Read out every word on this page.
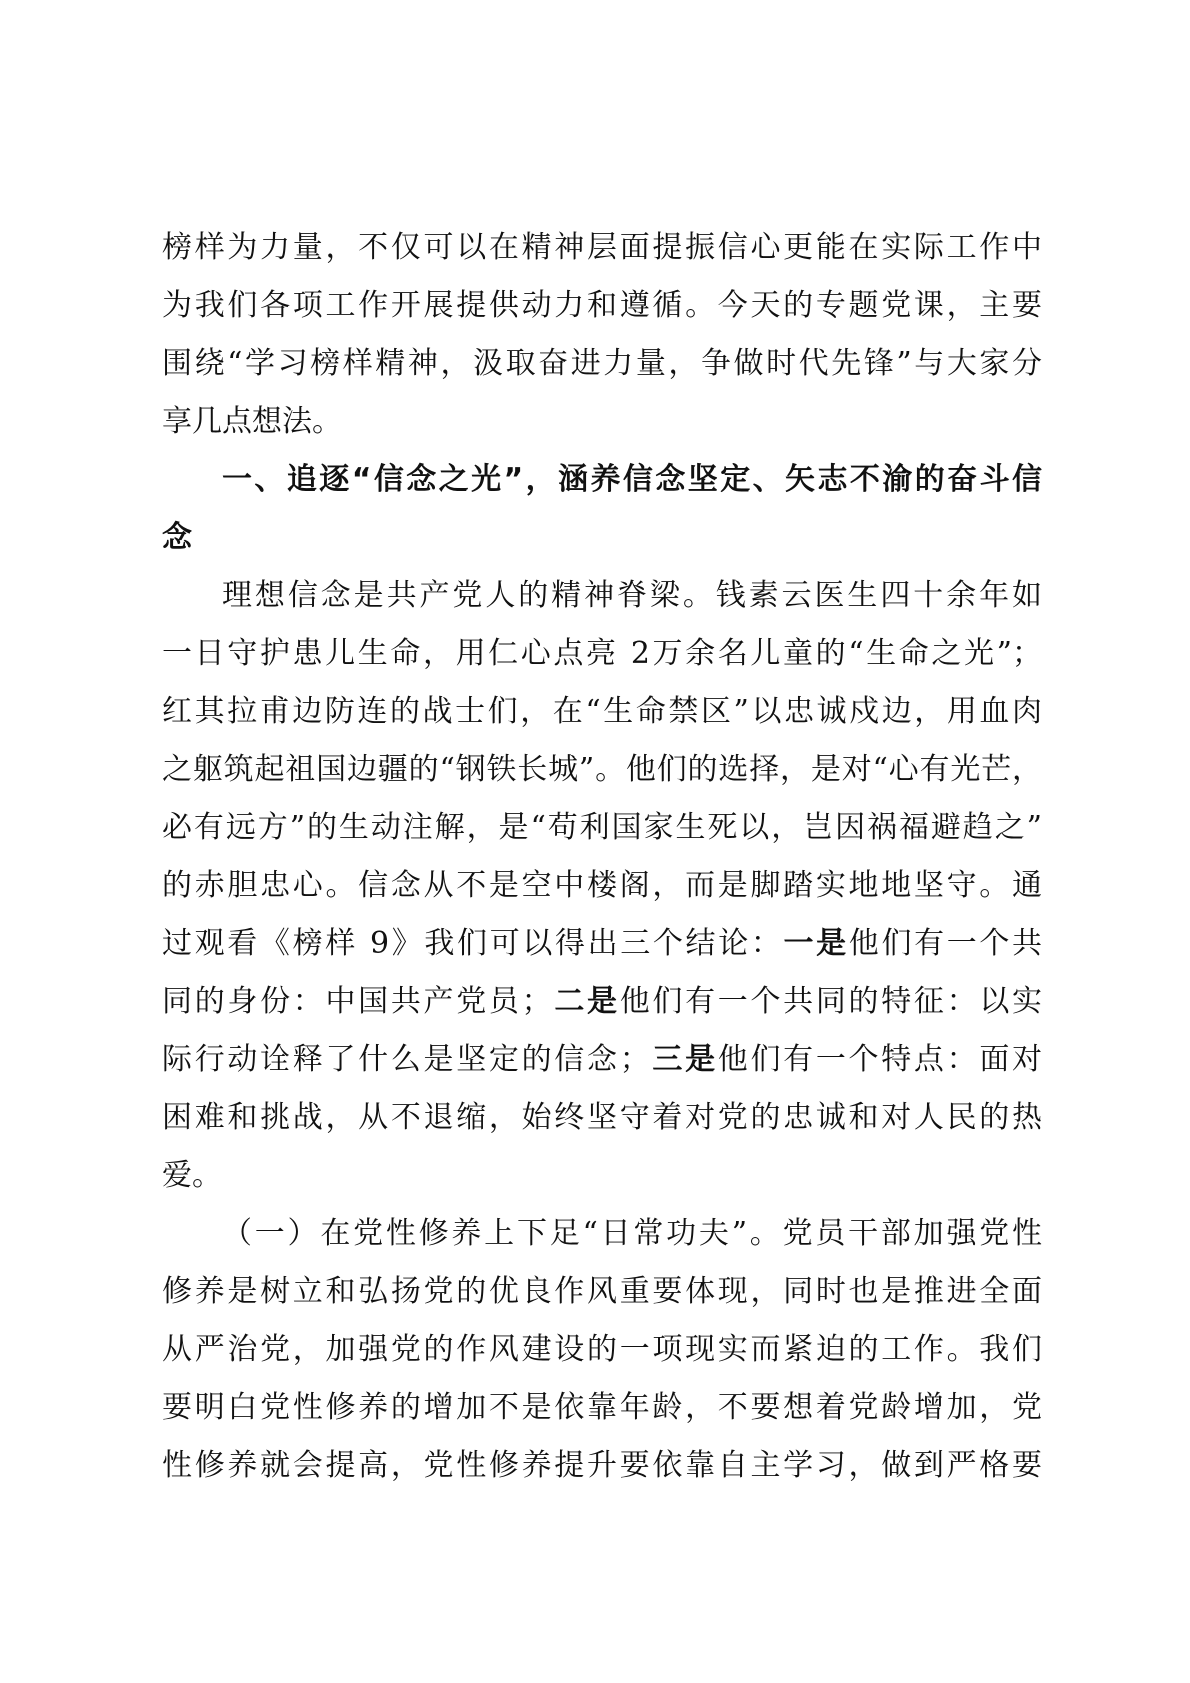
榜样为力量，不仅可以在精神层面提振信心更能在实际工作中
为我们各项工作开展提供动力和遵循。今天的专题党课，主要
围绕“学习榜样精神，汲取奋进力量，争做时代先锋”与大家分
享几点想法。
一、追逐“信念之光”，涵养信念坚定、矢志不渝的奋斗信
念
理想信念是共产党人的精神脊梁。钱素云医生四十余年如
一日守护患儿生命，用仁心点亮 2万余名儿童的“生命之光”；
红其拉甫边防连的战士们，在“生命禁区”以忠诚戍边，用血肉
之躯筑起祖国边疆的“钢铁长城”。他们的选择，是对“心有光芒，
必有远方”的生动注解，是“苟利国家生死以，岂因祸福避趋之”
的赤胆忠心。信念从不是空中楼阁，而是脚踏实地地坚守。通
过观看《榜样 9》我们可以得出三个结论：一是他们有一个共
同的身份：中国共产党员；二是他们有一个共同的特征：以实
际行动诠释了什么是坚定的信念；三是他们有一个特点：面对
困难和挑战，从不退缩，始终坚守着对党的忠诚和对人民的热
爱。
（一）在党性修养上下足“日常功夫”。党员干部加强党性
修养是树立和弘扬党的优良作风重要体现，同时也是推进全面
从严治党，加强党的作风建设的一项现实而紧迫的工作。我们
要明白党性修养的增加不是依靠年龄，不要想着党龄增加，党
性修养就会提高，党性修养提升要依靠自主学习，做到严格要
